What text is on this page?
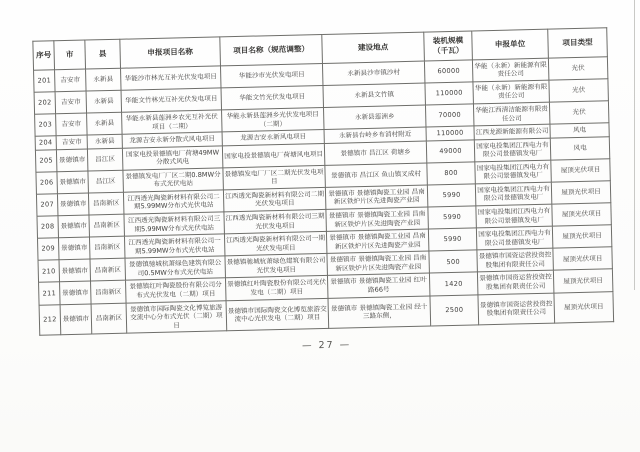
序号	市	县	申报项目名称	项目名称（规范调整）	建设地点	装机规模（千瓦）	申报单位	项目类型
201	吉安市	永新县	华能沙市林光互补光伏发电项目	华能沙市光伏发电项目	永新县沙市镇沙村	60000	华能（永新）新能源有限责任公司	光伏
202	吉安市	永新县	华能文竹林光互补光伏发电项目	华能文竹光伏发电项目	永新县文竹镇	110000	华能（永新）新能源有限责任公司	光伏
203	吉安市	永新县	华能永新县莲洲乡农光互补光伏项目（二期）	华能永新县莲洲乡光伏发电项目（二期）	永新县莲洲乡	70000	华能江西清洁能源有限责任公司	光伏
204	吉安市	永新县	龙源吉安永新分散式风电项目	龙源吉安永新风电项目	永新县台岭乡布消村附近	110000	江西龙源新能源有限公司	风电
205	景德镇市	昌江区	国家电投景德镇电厂荷塘49MW分散式风电	国家电投景德镇电厂荷塘风电项目	景德镇市 昌江区 荷塘乡	49000	国家电投集团江西电力有限公司景德镇发电厂	风电
206	景德镇市	昌江区	景德镇发电厂厂区二期0.8MW分布式光伏电站	景德镇发电厂厂区二期光伏发电项目	景德镇市 昌江区 鱼山镇叉成村	800	国家电投集团江西电力有限公司景德镇发电厂	屋顶光伏项目
207	景德镇市	昌南新区	江西透光陶瓷新材料有限公司二期5.99MW分布式光伏电站	江西透光陶瓷新材料有限公司二期光伏发电项目	景德镇市 景德镇陶瓷工业园 昌南新区铁炉片区先进陶瓷产业园	5990	国家电投集团江西电力有限公司景德镇发电厂	屋顶光伏项目
208	景德镇市	昌南新区	江西透光陶瓷新材料有限公司三期5.99MW分布式光伏电站	江西透光陶瓷新材料有限公司三期光伏发电项目	景德镇市 景德镇陶瓷工业园 昌南新区铁炉片区先进陶瓷产业园	5990	国家电投集团江西电力有限公司景德镇发电厂	屋顶光伏项目
209	景德镇市	昌南新区	江西透光陶瓷新材料有限公司一期5.99MW分布式光伏电站	江西透光陶瓷新材料有限公司一期光伏发电项目	景德镇市 景德镇陶瓷工业园 昌南新区铁炉片区先进陶瓷产业园	5990	国家电投集团江西电力有限公司景德镇发电厂	屋顶光伏项目
210	景德镇市	昌南新区	景德镇驰城杭萧绿色建筑有限公司0.5MW分布式光伏电站	景德镇驰城杭萧绿色建筑有限公司光伏发电项目	景德镇市 景德镇陶瓷工业园 昌南新区铁炉片区先进陶瓷产业园	500	景德镇市国资运营投资控股集团有限责任公司	屋顶光伏项目
211	景德镇市	昌南新区	景德镇红叶陶瓷股份有限公司分布式光伏发电（二期）项目	景德镇红叶陶瓷股份有限公司光伏发电（二期）项目	景德镇市 景德镇陶瓷工业园 红叶路66号	1420	景德镇市国资运营投资控股集团有限责任公司	屋顶光伏项目
212	景德镇市	昌南新区	景德镇市国际陶瓷文化博览旅游交流中心分布式光伏（二期）项目	景德镇市国际陶瓷文化博览旅游交流中心光伏发电（二期）项目	景德镇市 景德镇陶瓷工业园 经十三路东侧，	2500	景德镇市国资运营投资控股集团有限责任公司	屋顶光伏项目
— 27 —
